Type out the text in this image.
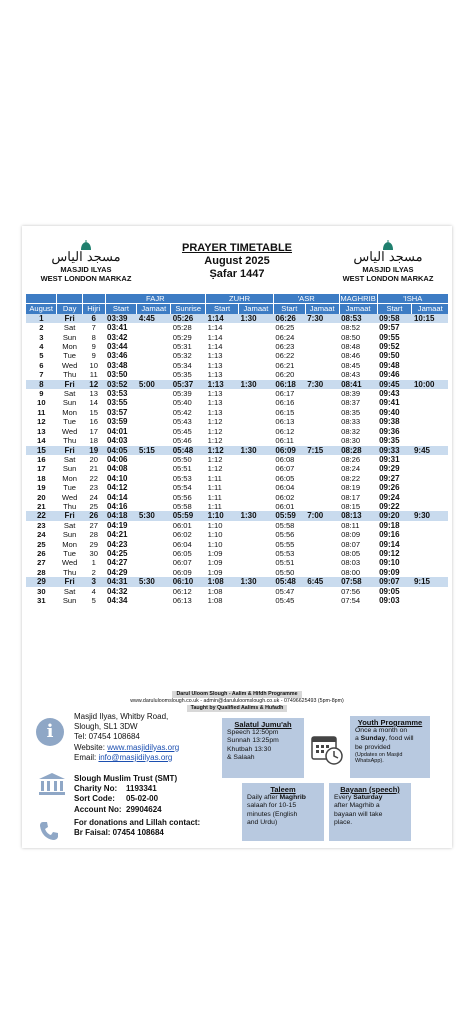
مسجد الياس
MASJID ILYAS
WEST LONDON MARKAZ
PRAYER TIMETABLE
August 2025
Ṣafar 1447
مسجد الياس
MASJID ILYAS
WEST LONDON MARKAZ
			FAJR			ZUHR		'ASR		MAGHRIB	'ISHA	
August	Day	Hijri	Start	Jamaat	Sunrise	Start	Jamaat	Start	Jamaat	Jamaat	Start	Jamaat
1	Fri	6	03:39	4:45	05:26	1:14	1:30	06:26	7:30	08:53	09:58	10:15
2	Sat	7	03:41		05:28	1:14		06:25		08:52	09:57	
3	Sun	8	03:42		05:29	1:14		06:24		08:50	09:55	
4	Mon	9	03:44		05:31	1:14		06:23		08:48	09:52	
5	Tue	9	03:46		05:32	1:13		06:22		08:46	09:50	
6	Wed	10	03:48		05:34	1:13		06:21		08:45	09:48	
7	Thu	11	03:50		05:35	1:13		06:20		08:43	09:46	
8	Fri	12	03:52	5:00	05:37	1:13	1:30	06:18	7:30	08:41	09:45	10:00
9	Sat	13	03:53		05:39	1:13		06:17		08:39	09:43	
10	Sun	14	03:55		05:40	1:13		06:16		08:37	09:41	
11	Mon	15	03:57		05:42	1:13		06:15		08:35	09:40	
12	Tue	16	03:59		05:43	1:12		06:13		08:33	09:38	
13	Wed	17	04:01		05:45	1:12		06:12		08:32	09:36	
14	Thu	18	04:03		05:46	1:12		06:11		08:30	09:35	
15	Fri	19	04:05	5:15	05:48	1:12	1:30	06:09	7:15	08:28	09:33	9:45
16	Sat	20	04:06		05:50	1:12		06:08		08:26	09:31	
17	Sun	21	04:08		05:51	1:12		06:07		08:24	09:29	
18	Mon	22	04:10		05:53	1:11		06:05		08:22	09:27	
19	Tue	23	04:12		05:54	1:11		06:04		08:19	09:26	
20	Wed	24	04:14		05:56	1:11		06:02		08:17	09:24	
21	Thu	25	04:16		05:58	1:11		06:01		08:15	09:22	
22	Fri	26	04:18	5:30	05:59	1:10	1:30	05:59	7:00	08:13	09:20	9:30
23	Sat	27	04:19		06:01	1:10		05:58		08:11	09:18	
24	Sun	28	04:21		06:02	1:10		05:56		08:09	09:16	
25	Mon	29	04:23		06:04	1:10		05:55		08:07	09:14	
26	Tue	30	04:25		06:05	1:09		05:53		08:05	09:12	
27	Wed	1	04:27		06:07	1:09		05:51		08:03	09:10	
28	Thu	2	04:29		06:09	1:09		05:50		08:00	09:09	
29	Fri	3	04:31	5:30	06:10	1:08	1:30	05:48	6:45	07:58	09:07	9:15
30	Sat	4	04:32		06:12	1:08		05:47		07:56	09:05	
31	Sun	5	04:34		06:13	1:08		05:45		07:54	09:03	
Darul Uloom Slough - Aalim & Hifdh Programme
www.darululoomslough.co.uk - admin@darululoomslough.co.uk - 07496625493 (5pm-8pm)
Taught by Qualified Aalims & Hufadh
i
Masjid Ilyas, Whitby Road,
Slough, SL1 3DW
Tel: 07454 108684
Website: www.masjidilyas.org
Email: info@masjidilyas.org
Slough Muslim Trust (SMT)
Charity No: 1193341
Sort Code: 05-02-00
Account No: 29904624
For donations and Lillah contact:
Br Faisal: 07454 108684
Salatul Jumu'ah
Speech 12:50pm
Sunnah 13:25pm
Khutbah 13:30
& Salaah
Youth Programme
Once a month on
a Sunday, food will
be provided
(Updates on Masjid WhatsApp).
Taleem
Daily after Maghrib
salaah for 10-15
minutes (English
and Urdu)
Bayaan (speech)
Every Saturday
after Magrhib a
bayaan will take
place.
